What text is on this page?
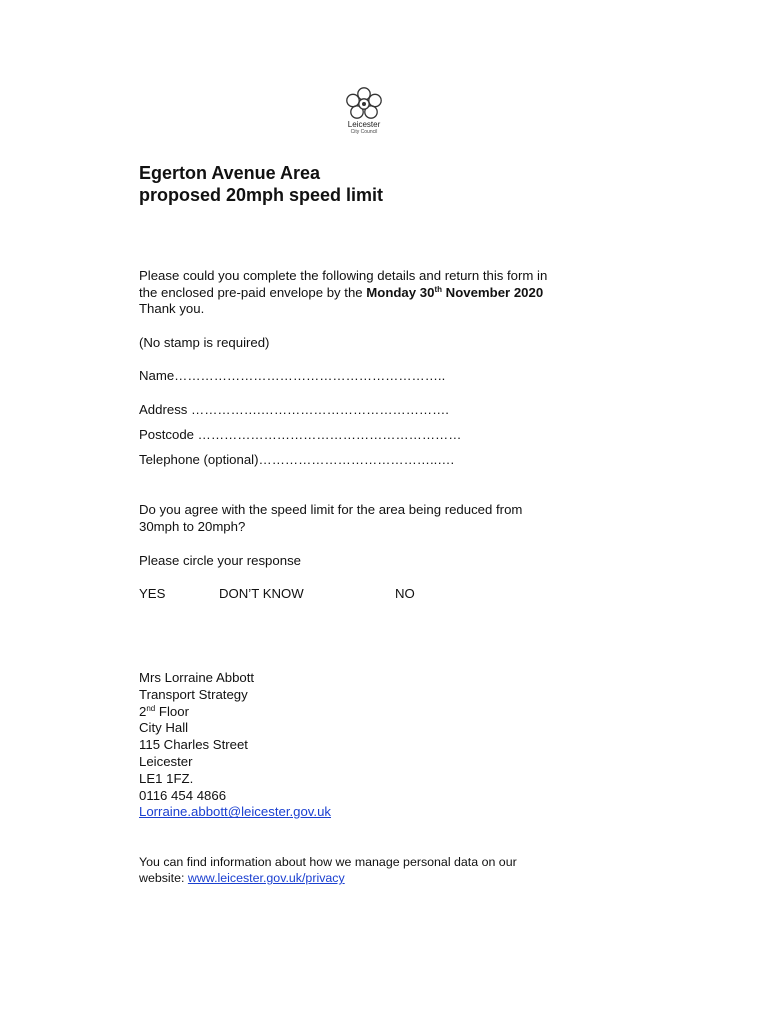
Leicester
City Council
Egerton Avenue Area
proposed 20mph speed limit
Please could you complete the following details and return this form in
the enclosed pre-paid envelope by the Monday 30th November 2020
Thank you.
(No stamp is required)
Name……………………………………………………..
Address …………….…………………………………….
Postcode ……………………………………………………
Telephone (optional)…………………………………..….
Do you agree with the speed limit for the area being reduced from
30mph to 20mph?
Please circle your response
YES	DON’T KNOW	NO
Mrs Lorraine Abbott
Transport Strategy
2nd Floor
City Hall
115 Charles Street
Leicester
LE1 1FZ.
0116 454 4866
Lorraine.abbott@leicester.gov.uk
You can find information about how we manage personal data on our
website: www.leicester.gov.uk/privacy
